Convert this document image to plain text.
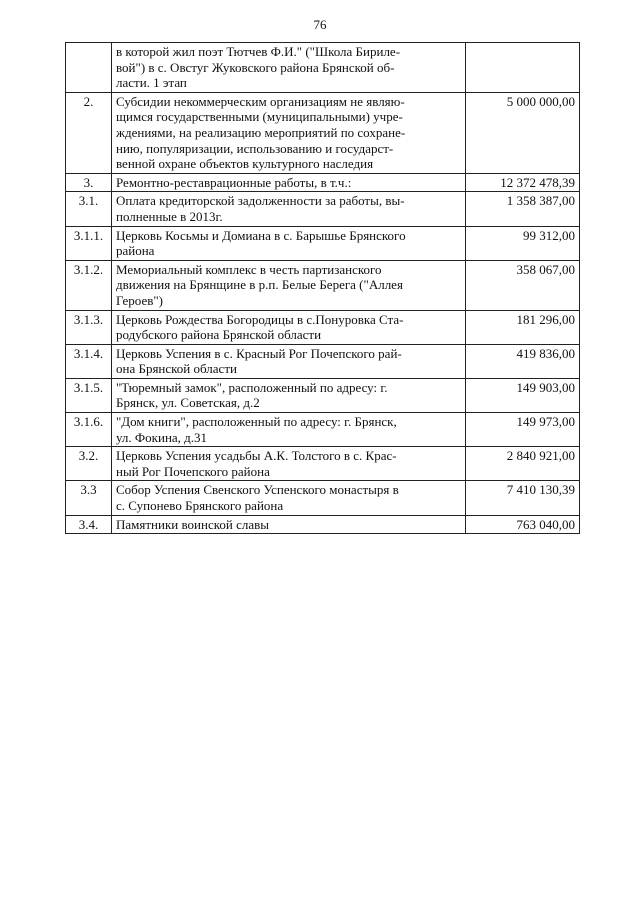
76

	в которой жил поэт Тютчев Ф.И." ("Школа Бириле-
вой") в с. Овстуг Жуковского района Брянской об-
ласти. 1 этап	

2.	Субсидии некоммерческим организациям не являю-
щимся государственными (муниципальными) учре-
ждениями, на реализацию мероприятий по сохране-
нию, популяризации, использованию и государст-
венной охране объектов культурного наследия	5 000 000,00
3.	Ремонтно-реставрационные работы, в т.ч.:	12 372 478,39
3.1.	Оплата кредиторской задолженности за работы, вы-
полненные в 2013г.	1 358 387,00
3.1.1.	Церковь Косьмы и Домиана в с. Барышье Брянского
района	99 312,00
3.1.2.	Мемориальный комплекс в честь партизанского
движения на Брянщине в р.п. Белые Берега ("Аллея
Героев")	358 067,00
3.1.3.	Церковь Рождества Богородицы в с.Понуровка Ста-
родубского района Брянской области	181 296,00
3.1.4.	Церковь Успения в с. Красный Рог Почепского рай-
она Брянской области	419 836,00
3.1.5.	"Тюремный замок", расположенный по адресу: г.
Брянск, ул. Советская, д.2	149 903,00
3.1.6.	"Дом книги", расположенный по адресу: г. Брянск,
ул. Фокина, д.31	149 973,00
3.2.	Церковь Успения усадьбы А.К. Толстого в с. Крас-
ный Рог Почепского района	2 840 921,00
3.3	Собор Успения Свенского Успенского монастыря в
с. Супонево Брянского района	7 410 130,39
3.4.	Памятники воинской славы	763 040,00
